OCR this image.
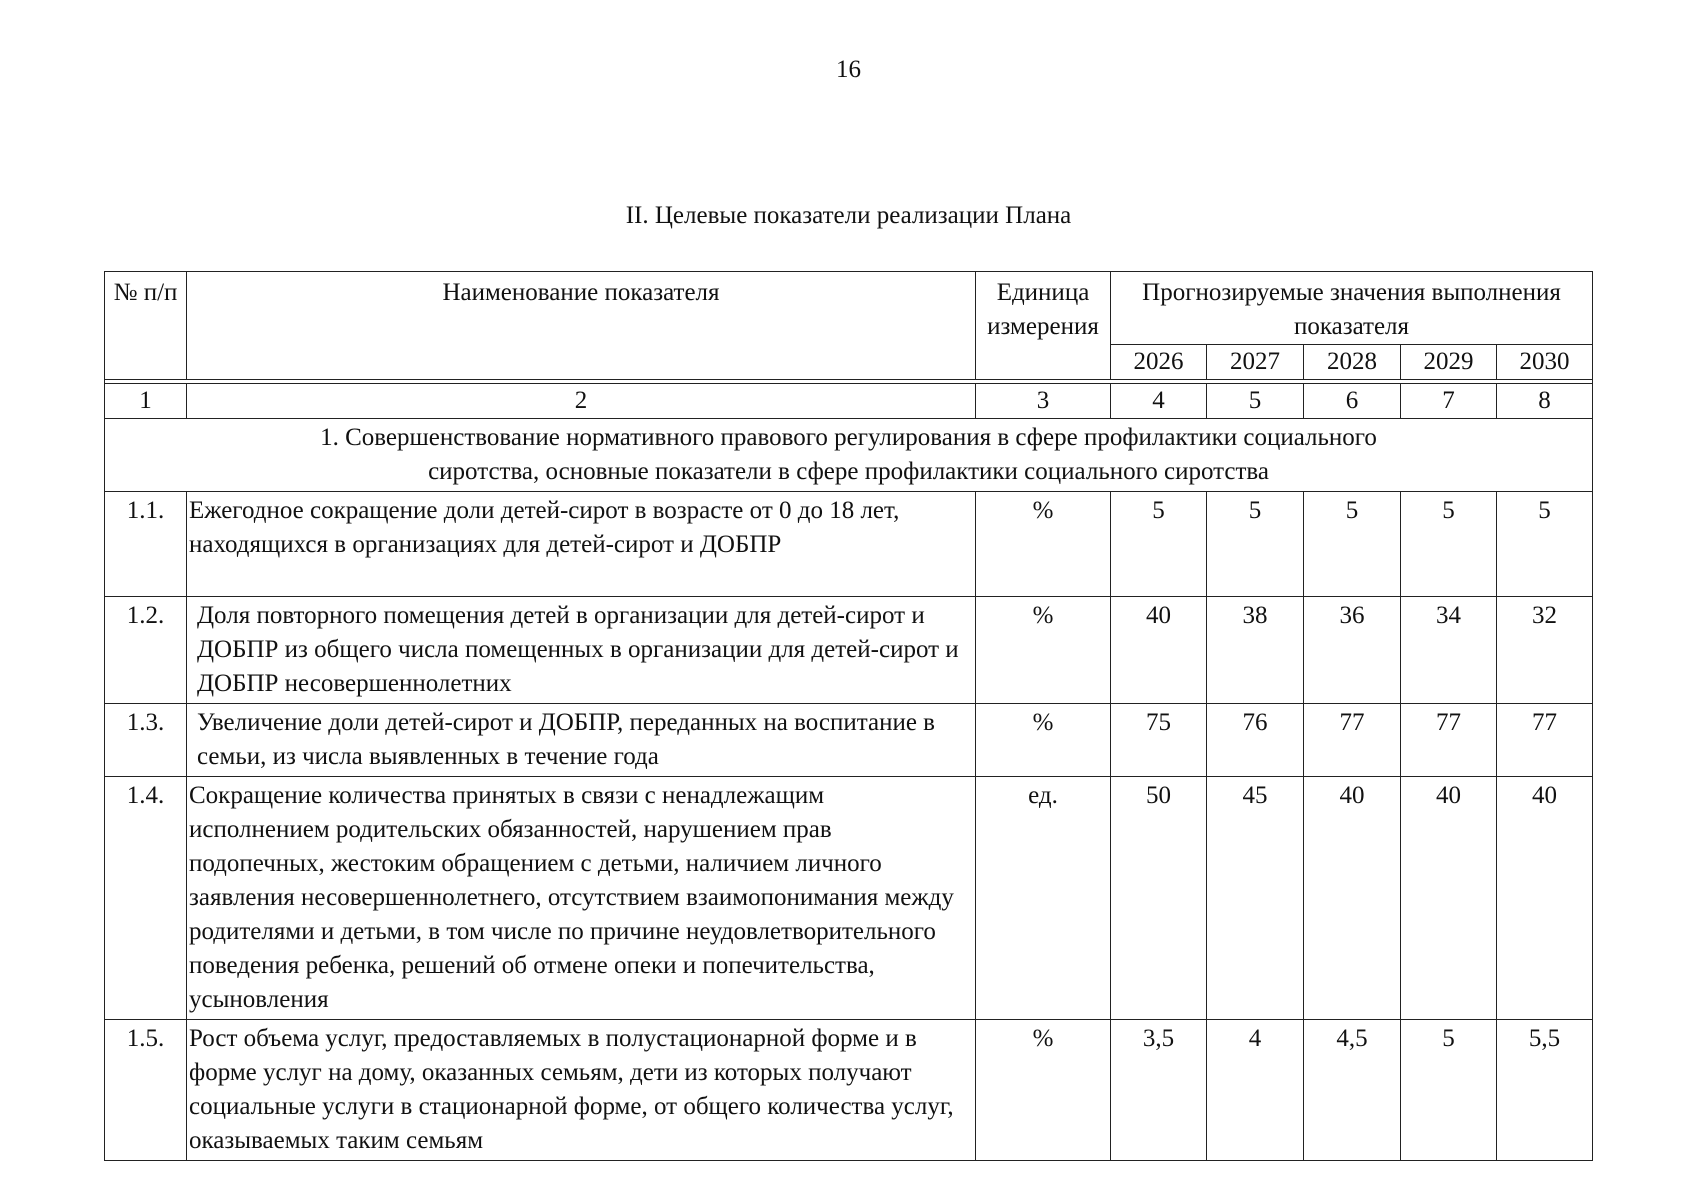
16
II. Целевые показатели реализации Плана
№ п/п	Наименование показателя	Единица измерения	Прогнозируемые значения выполнения показателя				
			2026	2027	2028	2029	2030

1	2	3	4	5	6	7	8
1. Совершенствование нормативного правового регулирования в сфере профилактики социального сиротства, основные показатели в сфере профилактики социального сиротства							
1.1.	Ежегодное сокращение доли детей-сирот в возрасте от 0 до 18 лет, находящихся в организациях для детей-сирот и ДОБПР	%	5	5	5	5	5
1.2.	Доля повторного помещения детей в организации для детей-сирот и ДОБПР из общего числа помещенных в организации для детей-сирот и ДОБПР несовершеннолетних	%	40	38	36	34	32
1.3.	Увеличение доли детей-сирот и ДОБПР, переданных на воспитание в семьи, из числа выявленных в течение года	%	75	76	77	77	77
1.4.	Сокращение количества принятых в связи с ненадлежащим исполнением родительских обязанностей, нарушением прав подопечных, жестоким обращением с детьми, наличием личного заявления несовершеннолетнего, отсутствием взаимопонимания между родителями и детьми, в том числе по причине неудовлетворительного поведения ребенка, решений об отмене опеки и попечительства, усыновления	ед.	50	45	40	40	40
1.5.	Рост объема услуг, предоставляемых в полустационарной форме и в форме услуг на дому, оказанных семьям, дети из которых получают социальные услуги в стационарной форме, от общего количества услуг, оказываемых таким семьям	%	3,5	4	4,5	5	5,5
